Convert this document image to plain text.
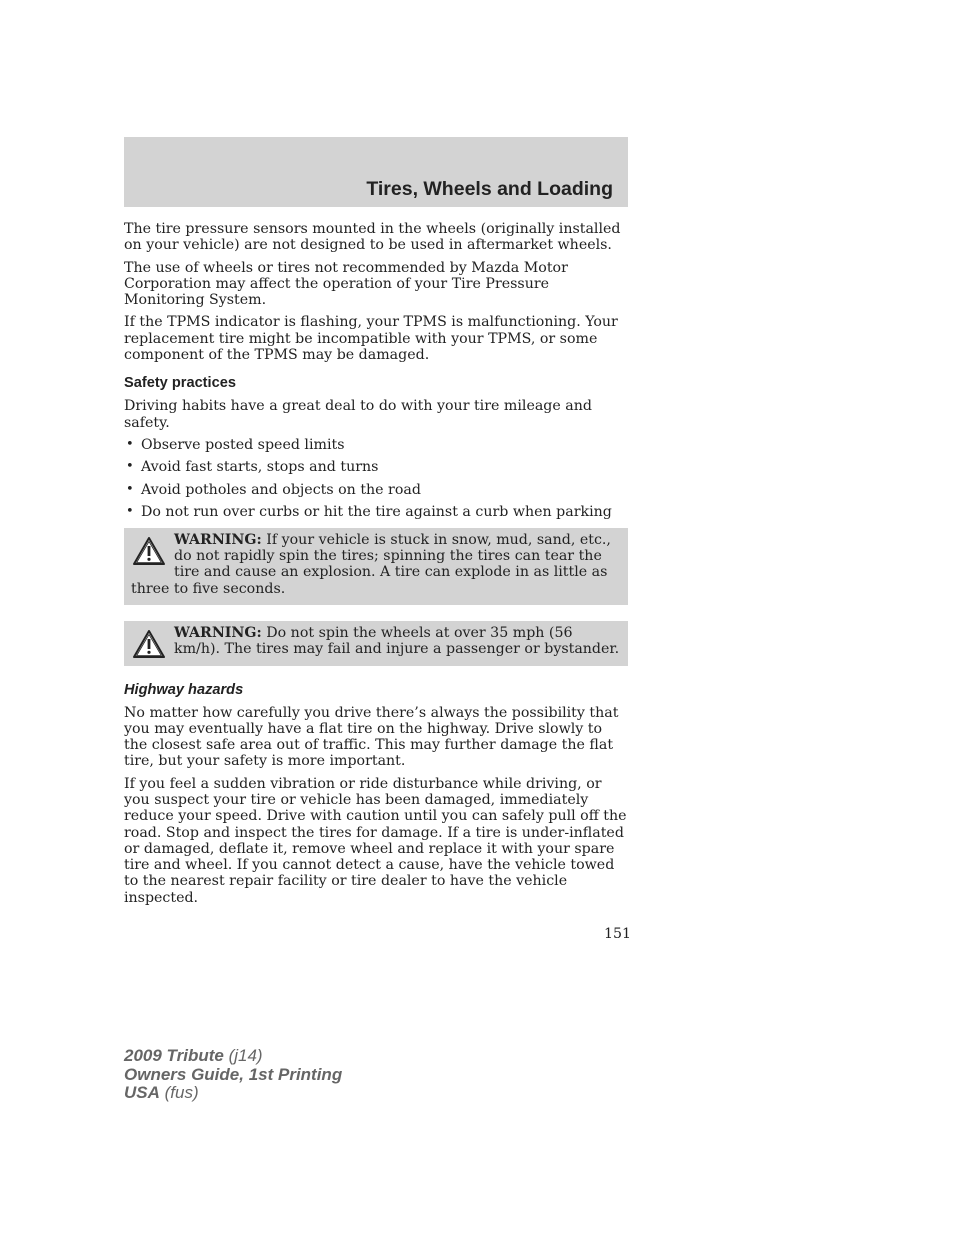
Tires, Wheels and Loading

The tire pressure sensors mounted in the wheels (originally installed on your vehicle) are not designed to be used in aftermarket wheels.

The use of wheels or tires not recommended by Mazda Motor Corporation may affect the operation of your Tire Pressure Monitoring System.

If the TPMS indicator is flashing, your TPMS is malfunctioning. Your replacement tire might be incompatible with your TPMS, or some component of the TPMS may be damaged.

Safety practices

Driving habits have a great deal to do with your tire mileage and safety.

• Observe posted speed limits
• Avoid fast starts, stops and turns
• Avoid potholes and objects on the road
• Do not run over curbs or hit the tire against a curb when parking

WARNING: If your vehicle is stuck in snow, mud, sand, etc., do not rapidly spin the tires; spinning the tires can tear the tire and cause an explosion. A tire can explode in as little as three to five seconds.

WARNING: Do not spin the wheels at over 35 mph (56 km/h). The tires may fail and injure a passenger or bystander.

Highway hazards

No matter how carefully you drive there’s always the possibility that you may eventually have a flat tire on the highway. Drive slowly to the closest safe area out of traffic. This may further damage the flat tire, but your safety is more important.

If you feel a sudden vibration or ride disturbance while driving, or you suspect your tire or vehicle has been damaged, immediately reduce your speed. Drive with caution until you can safely pull off the road. Stop and inspect the tires for damage. If a tire is under-inflated or damaged, deflate it, remove wheel and replace it with your spare tire and wheel. If you cannot detect a cause, have the vehicle towed to the nearest repair facility or tire dealer to have the vehicle inspected.

151
2009 Tribute (j14)
Owners Guide, 1st Printing
USA (fus)
